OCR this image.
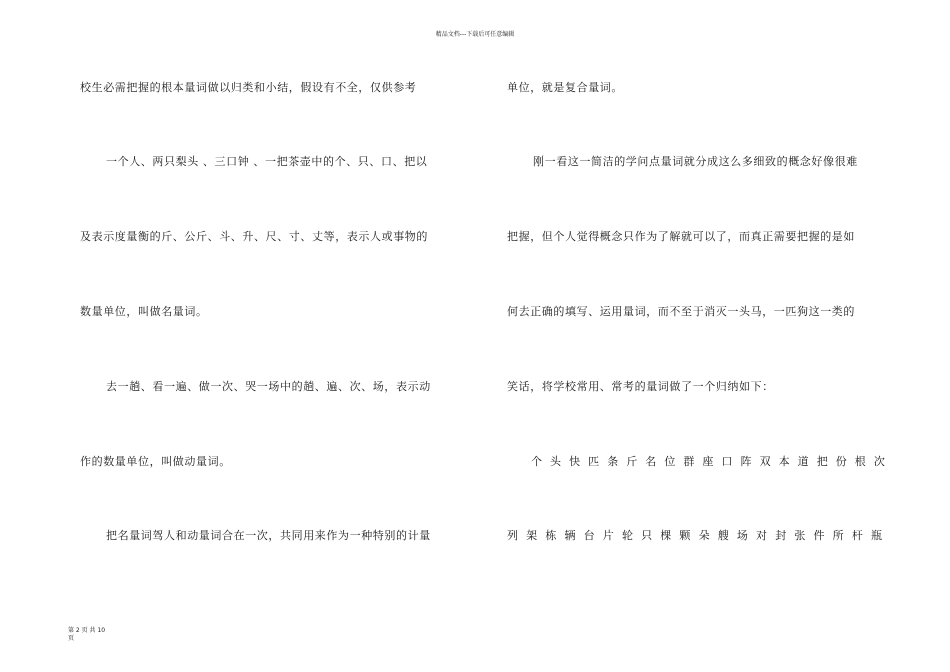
精品文档---下载后可任意编辑
校生必需把握的根本量词做以归类和小结，假设有不全，仅供参考
一个人、两只梨头 、三口钟 、一把茶壶中的个、只、口、把以
及表示度量衡的斤、公斤、斗、升、尺、寸、丈等，表示人或事物的
数量单位，叫做名量词。
去一趟、看一遍、做一次、哭一场中的趟、遍、次、场，表示动
作的数量单位，叫做动量词。
把名量词驾人和动量词合在一次，共同用来作为一种特别的计量
单位，就是复合量词。
刚一看这一简洁的学问点量词就分成这么多细致的概念好像很难
把握，但个人觉得概念只作为了解就可以了，而真正需要把握的是如
何去正确的填写、运用量词，而不至于消灭一头马，一匹狗这一类的
笑话，将学校常用、常考的量词做了一个归纳如下：
个 头 快 匹 条 斤 名 位 群 座 口 阵 双 本 道 把 份 根 次
列 架 栋 辆 台 片 轮 只 棵 颗 朵 艘 场 对 封 张 件 所 杆 瓶
第 2 页 共 10
页
